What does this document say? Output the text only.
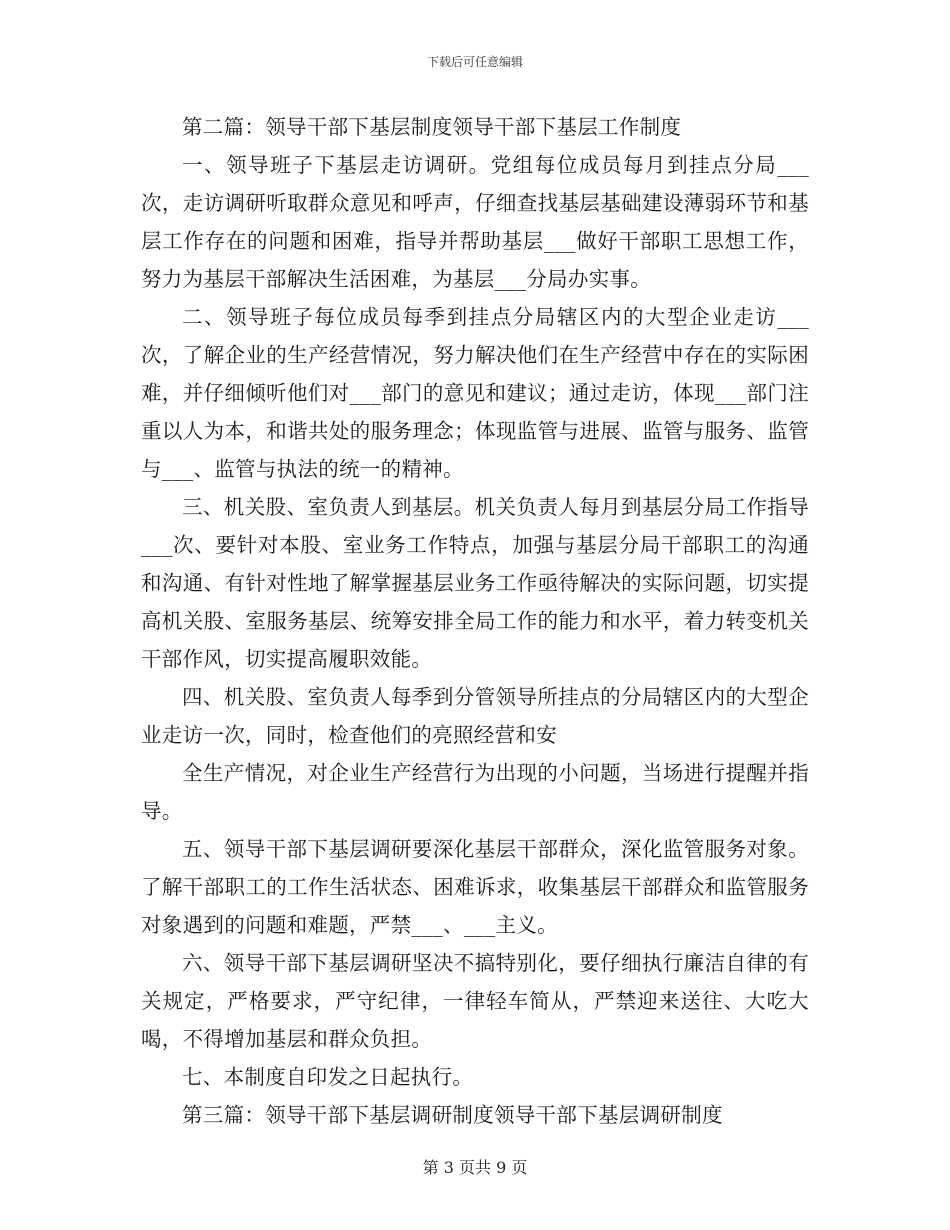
下载后可任意编辑

第二篇：领导干部下基层制度领导干部下基层工作制度

一、领导班子下基层走访调研。党组每位成员每月到挂点分局___次，走访调研听取群众意见和呼声，仔细查找基层基础建设薄弱环节和基层工作存在的问题和困难，指导并帮助基层___做好干部职工思想工作，努力为基层干部解决生活困难，为基层___分局办实事。

二、领导班子每位成员每季到挂点分局辖区内的大型企业走访___次，了解企业的生产经营情况，努力解决他们在生产经营中存在的实际困难，并仔细倾听他们对___部门的意见和建议；通过走访，体现___部门注重以人为本，和谐共处的服务理念；体现监管与进展、监管与服务、监管与___、监管与执法的统一的精神。

三、机关股、室负责人到基层。机关负责人每月到基层分局工作指导___次、要针对本股、室业务工作特点，加强与基层分局干部职工的沟通和沟通、有针对性地了解掌握基层业务工作亟待解决的实际问题，切实提高机关股、室服务基层、统筹安排全局工作的能力和水平，着力转变机关干部作风，切实提高履职效能。

四、机关股、室负责人每季到分管领导所挂点的分局辖区内的大型企业走访一次，同时，检查他们的亮照经营和安

全生产情况，对企业生产经营行为出现的小问题，当场进行提醒并指导。

五、领导干部下基层调研要深化基层干部群众，深化监管服务对象。了解干部职工的工作生活状态、困难诉求，收集基层干部群众和监管服务对象遇到的问题和难题，严禁___、___主义。

六、领导干部下基层调研坚决不搞特别化，要仔细执行廉洁自律的有关规定，严格要求，严守纪律，一律轻车简从，严禁迎来送往、大吃大喝，不得增加基层和群众负担。

七、本制度自印发之日起执行。

第三篇：领导干部下基层调研制度领导干部下基层调研制度

第 3 页共 9 页
